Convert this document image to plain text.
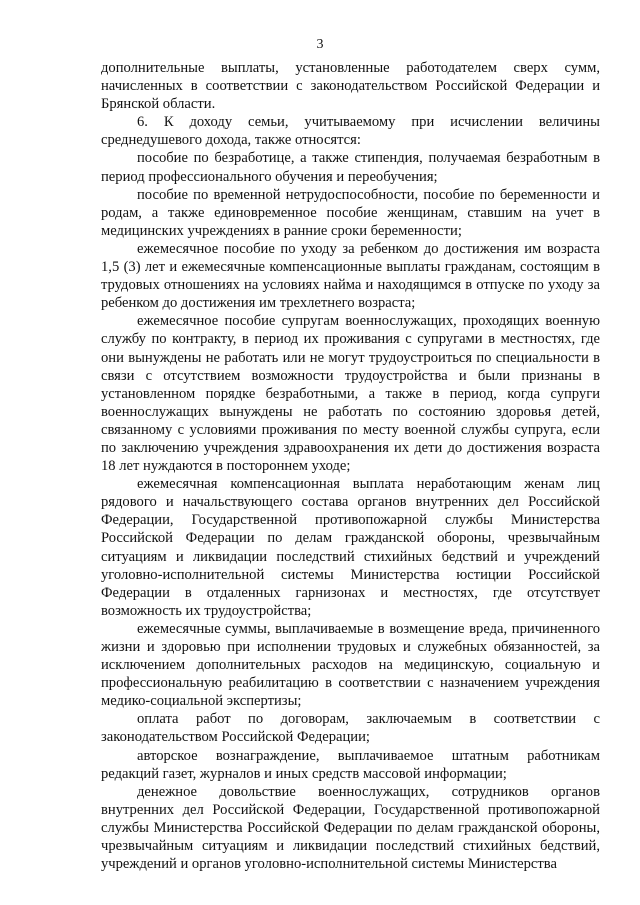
3

дополнительные выплаты, установленные работодателем сверх сумм, начисленных в соответствии с законодательством Российской Федерации и Брянской области.

6. К доходу семьи, учитываемому при исчислении величины среднедушевого дохода, также относятся:

пособие по безработице, а также стипендия, получаемая безработным в период профессионального обучения и переобучения;

пособие по временной нетрудоспособности, пособие по беременности и родам, а также единовременное пособие женщинам, ставшим на учет в медицинских учреждениях в ранние сроки беременности;

ежемесячное пособие по уходу за ребенком до достижения им возраста 1,5 (3) лет и ежемесячные компенсационные выплаты гражданам, состоящим в трудовых отношениях на условиях найма и находящимся в отпуске по уходу за ребенком до достижения им трехлетнего возраста;

ежемесячное пособие супругам военнослужащих, проходящих военную службу по контракту, в период их проживания с супругами в местностях, где они вынуждены не работать или не могут трудоустроиться по специальности в связи с отсутствием возможности трудоустройства и были признаны в установленном порядке безработными, а также в период, когда супруги военнослужащих вынуждены не работать по состоянию здоровья детей, связанному с условиями проживания по месту военной службы супруга, если по заключению учреждения здравоохранения их дети до достижения возраста 18 лет нуждаются в постороннем уходе;

ежемесячная компенсационная выплата неработающим женам лиц рядового и начальствующего состава органов внутренних дел Российской Федерации, Государственной противопожарной службы Министерства Российской Федерации по делам гражданской обороны, чрезвычайным ситуациям и ликвидации последствий стихийных бедствий и учреждений уголовно-исполнительной системы Министерства юстиции Российской Федерации в отдаленных гарнизонах и местностях, где отсутствует возможность их трудоустройства;

ежемесячные суммы, выплачиваемые в возмещение вреда, причиненного жизни и здоровью при исполнении трудовых и служебных обязанностей, за исключением дополнительных расходов на медицинскую, социальную и профессиональную реабилитацию в соответствии с назначением учреждения медико-социальной экспертизы;

оплата работ по договорам, заключаемым в соответствии с законодательством Российской Федерации;

авторское вознаграждение, выплачиваемое штатным работникам редакций газет, журналов и иных средств массовой информации;

денежное довольствие военнослужащих, сотрудников органов внутренних дел Российской Федерации, Государственной противопожарной службы Министерства Российской Федерации по делам гражданской обороны, чрезвычайным ситуациям и ликвидации последствий стихийных бедствий, учреждений и органов уголовно-исполнительной системы Министерства
